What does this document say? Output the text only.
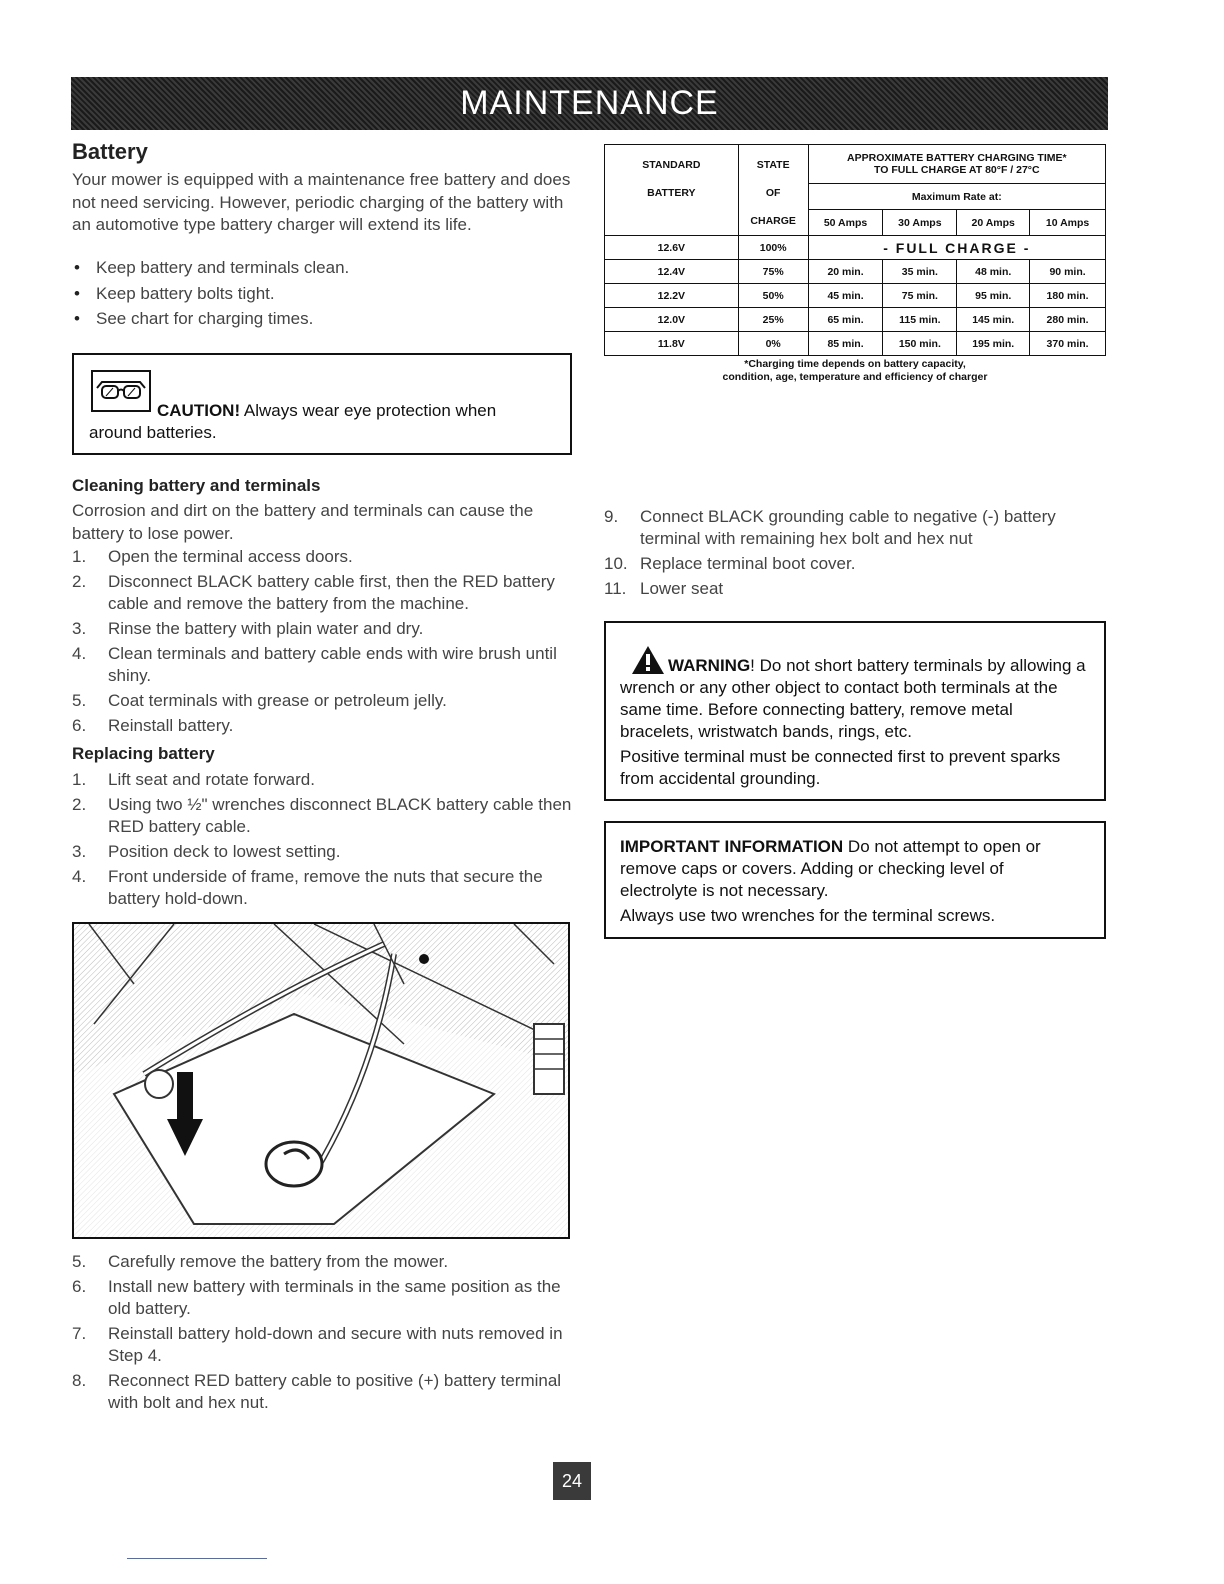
MAINTENANCE
Battery
Your mower is equipped with a maintenance free battery and does not need servicing. However, periodic charging of the battery with an automotive type battery charger will extend its life.
• Keep battery and terminals clean.
• Keep battery bolts tight.
• See chart for charging times.
CAUTION! Always wear eye protection when around batteries.
Cleaning battery and terminals
Corrosion and dirt on the battery and terminals can cause the battery to lose power.
1. Open the terminal access doors.
2. Disconnect BLACK battery cable first, then the RED battery cable and remove the battery from the machine.
3. Rinse the battery with plain water and dry.
4. Clean terminals and battery cable ends with wire brush until shiny.
5. Coat terminals with grease or petroleum jelly.
6. Reinstall battery.
Replacing battery
1. Lift seat and rotate forward.
2. Using two ½" wrenches disconnect BLACK battery cable then RED battery cable.
3. Position deck to lowest setting.
4. Front underside of frame, remove the nuts that secure the battery hold-down.
5. Carefully remove the battery from the mower.
6. Install new battery with terminals in the same position as the old battery.
7. Reinstall battery hold-down and secure with nuts removed in Step 4.
8. Reconnect RED battery cable to positive (+) battery terminal with bolt and hex nut.
STANDARD
BATTERY	STATE
OF
CHARGE	APPROXIMATE BATTERY CHARGING TIME*
TO FULL CHARGE AT 80°F / 27°C			
		Maximum Rate at:			
		50 Amps	30 Amps	20 Amps	10 Amps
12.6V	100%	- FULL CHARGE -			
12.4V	75%	20 min.	35 min.	48 min.	90 min.
12.2V	50%	45 min.	75 min.	95 min.	180 min.
12.0V	25%	65 min.	115 min.	145 min.	280 min.
11.8V	0%	85 min.	150 min.	195 min.	370 min.
*Charging time depends on battery capacity,
condition, age, temperature and efficiency of charger
9. Connect BLACK grounding cable to negative (-) battery terminal with remaining hex bolt and hex nut
10. Replace terminal boot cover.
11. Lower seat
WARNING! Do not short battery terminals by allowing a wrench or any other object to contact both terminals at the same time. Before connecting battery, remove metal bracelets, wristwatch bands, rings, etc.
Positive terminal must be connected first to prevent sparks from accidental grounding.
IMPORTANT INFORMATION Do not attempt to open or remove caps or covers. Adding or checking level of electrolyte is not necessary.
Always use two wrenches for the terminal screws.
24
